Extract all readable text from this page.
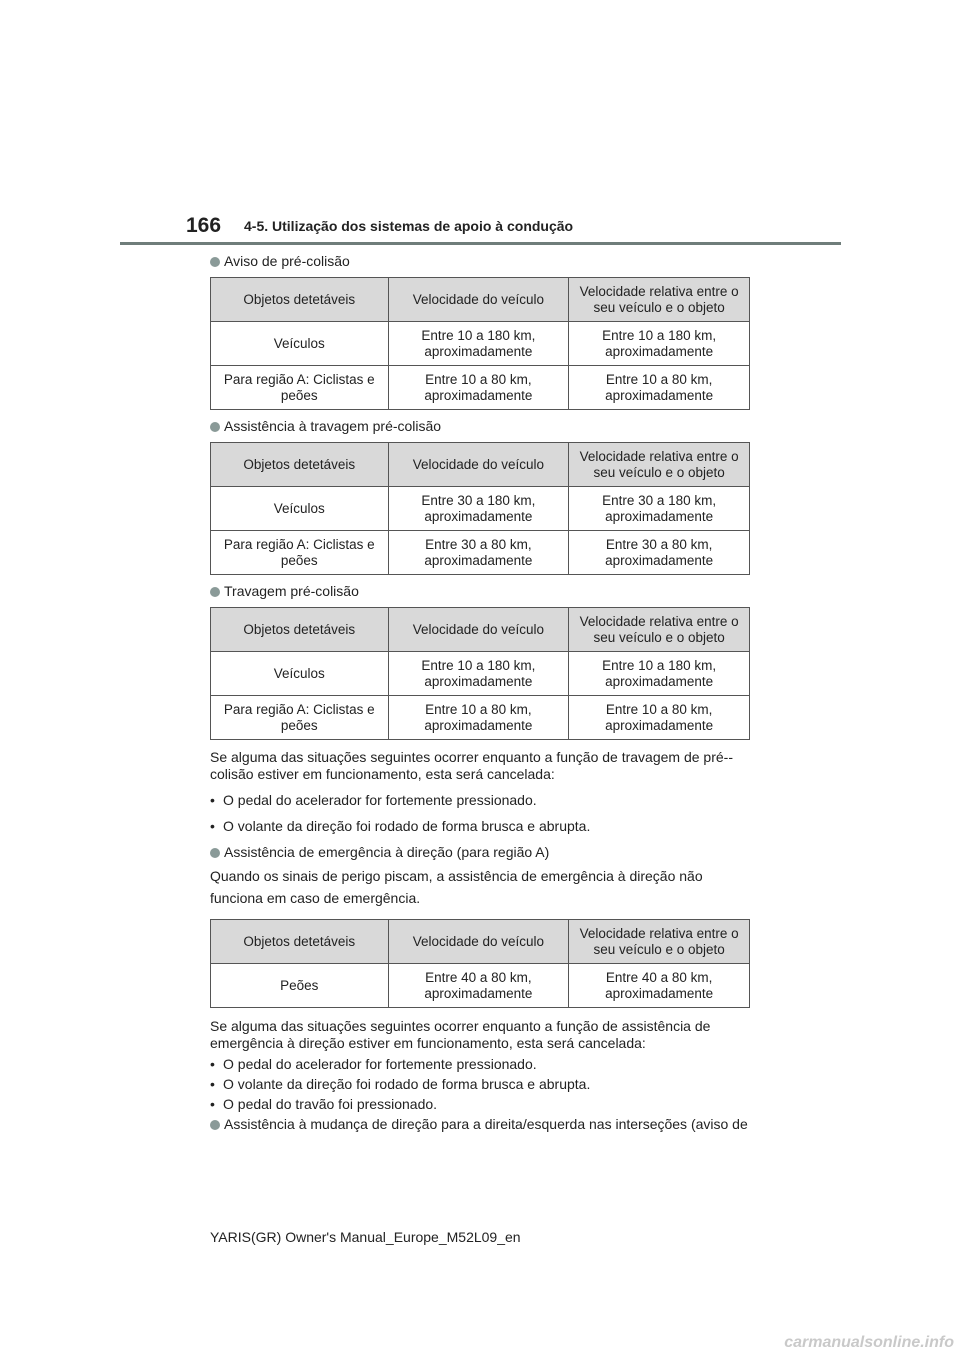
166 4-5. Utilização dos sistemas de apoio à condução

Aviso de pré-colisão

Objetos detetáveis	Velocidade do veículo	Velocidade relativa entre o seu veículo e o objeto
Veículos	Entre 10 a 180 km, aproximadamente	Entre 10 a 180 km, aproximadamente
Para região A: Ciclistas e peões	Entre 10 a 80 km, aproximadamente	Entre 10 a 80 km, aproximadamente

Assistência à travagem pré-colisão

Objetos detetáveis	Velocidade do veículo	Velocidade relativa entre o seu veículo e o objeto
Veículos	Entre 30 a 180 km, aproximadamente	Entre 30 a 180 km, aproximadamente
Para região A: Ciclistas e peões	Entre 30 a 80 km, aproximadamente	Entre 30 a 80 km, aproximadamente

Travagem pré-colisão

Objetos detetáveis	Velocidade do veículo	Velocidade relativa entre o seu veículo e o objeto
Veículos	Entre 10 a 180 km, aproximadamente	Entre 10 a 180 km, aproximadamente
Para região A: Ciclistas e peões	Entre 10 a 80 km, aproximadamente	Entre 10 a 80 km, aproximadamente

Se alguma das situações seguintes ocorrer enquanto a função de travagem de pré--colisão estiver em funcionamento, esta será cancelada:

• O pedal do acelerador for fortemente pressionado.

• O volante da direção foi rodado de forma brusca e abrupta.

Assistência de emergência à direção (para região A)

Quando os sinais de perigo piscam, a assistência de emergência à direção não funciona em caso de emergência.

Objetos detetáveis	Velocidade do veículo	Velocidade relativa entre o seu veículo e o objeto
Peões	Entre 40 a 80 km, aproximadamente	Entre 40 a 80 km, aproximadamente

Se alguma das situações seguintes ocorrer enquanto a função de assistência de emergência à direção estiver em funcionamento, esta será cancelada:

• O pedal do acelerador for fortemente pressionado.

• O volante da direção foi rodado de forma brusca e abrupta.

• O pedal do travão foi pressionado.

Assistência à mudança de direção para a direita/esquerda nas interseções (aviso de

YARIS(GR) Owner's Manual_Europe_M52L09_en
carmanualsonline.info
